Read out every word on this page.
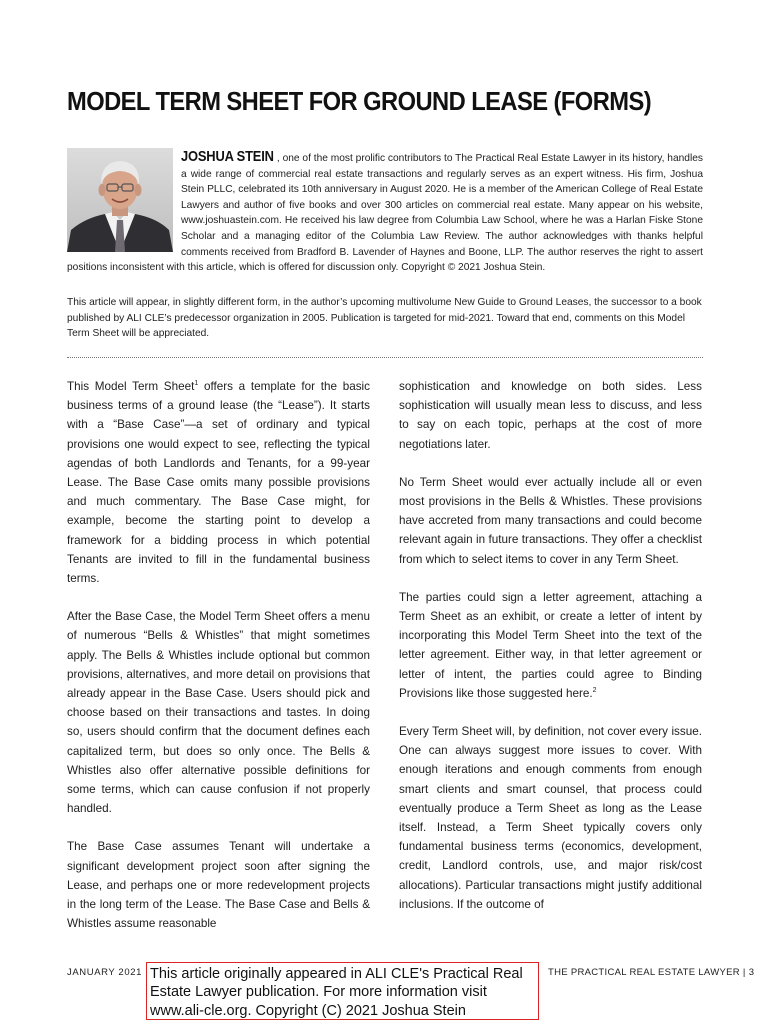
MODEL TERM SHEET FOR GROUND LEASE (FORMS)

JOSHUA STEIN , one of the most prolific contributors to The Practical Real Estate Lawyer in its history, handles a wide range of commercial real estate transactions and regularly serves as an expert witness. His firm, Joshua Stein PLLC, celebrated its 10th anniversary in August 2020. He is a member of the American College of Real Estate Lawyers and author of five books and over 300 articles on commercial real estate. Many appear on his website, www.joshuastein.com. He received his law degree from Columbia Law School, where he was a Harlan Fiske Stone Scholar and a managing editor of the Columbia Law Review. The author acknowledges with thanks helpful comments received from Bradford B. Lavender of Haynes and Boone, LLP. The author reserves the right to assert positions inconsistent with this article, which is offered for discussion only. Copyright © 2021 Joshua Stein.

This article will appear, in slightly different form, in the author’s upcoming multivolume New Guide to Ground Leases, the successor to a book published by ALI CLE’s predecessor organization in 2005. Publication is targeted for mid-2021. Toward that end, comments on this Model Term Sheet will be appreciated.

This Model Term Sheet$^1$ offers a template for the basic business terms of a ground lease (the “Lease”). It starts with a “Base Case”—a set of ordinary and typical provisions one would expect to see, reflecting the typical agendas of both Landlords and Tenants, for a 99-year Lease. The Base Case omits many possible provisions and much commentary. The Base Case might, for example, become the starting point to develop a framework for a bidding process in which potential Tenants are invited to fill in the fundamental business terms.

After the Base Case, the Model Term Sheet offers a menu of numerous “Bells & Whistles” that might sometimes apply. The Bells & Whistles include optional but common provisions, alternatives, and more detail on provisions that already appear in the Base Case. Users should pick and choose based on their transactions and tastes. In doing so, users should confirm that the document defines each capitalized term, but does so only once. The Bells & Whistles also offer alternative possible definitions for some terms, which can cause confusion if not properly handled.

The Base Case assumes Tenant will undertake a significant development project soon after signing the Lease, and perhaps one or more redevelopment projects in the long term of the Lease. The Base Case and Bells & Whistles assume reasonable

sophistication and knowledge on both sides. Less sophistication will usually mean less to discuss, and less to say on each topic, perhaps at the cost of more negotiations later.

No Term Sheet would ever actually include all or even most provisions in the Bells & Whistles. These provisions have accreted from many transactions and could become relevant again in future transactions. They offer a checklist from which to select items to cover in any Term Sheet.

The parties could sign a letter agreement, attaching a Term Sheet as an exhibit, or create a letter of intent by incorporating this Model Term Sheet into the text of the letter agreement. Either way, in that letter agreement or letter of intent, the parties could agree to Binding Provisions like those suggested here.$^2$

Every Term Sheet will, by definition, not cover every issue. One can always suggest more issues to cover. With enough iterations and enough comments from enough smart clients and smart counsel, that process could eventually produce a Term Sheet as long as the Lease itself. Instead, a Term Sheet typically covers only fundamental business terms (economics, development, credit, Landlord controls, use, and major risk/cost allocations). Particular transactions might justify additional inclusions. If the outcome of

JANUARY 2021	THE PRACTICAL REAL ESTATE LAWYER | 3
This article originally appeared in ALI CLE's Practical Real Estate Lawyer publication. For more information visit www.ali-cle.org. Copyright (C) 2021 Joshua Stein
